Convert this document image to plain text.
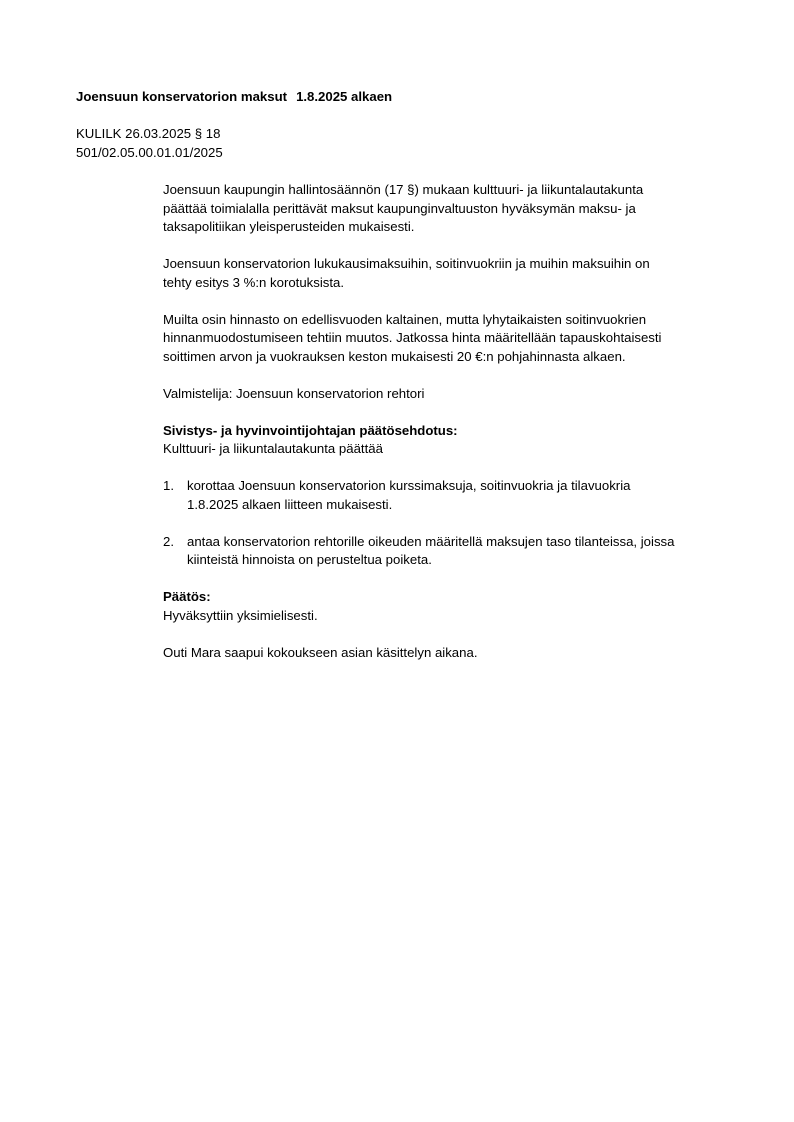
Joensuun konservatorion maksut 1.8.2025 alkaen
KULILK 26.03.2025 § 18
501/02.05.00.01.01/2025
Joensuun kaupungin hallintosäännön (17 §) mukaan kulttuuri- ja liikuntalautakunta
päättää toimialalla perittävät maksut kaupunginvaltuuston hyväksymän maksu- ja
taksapolitiikan yleisperusteiden mukaisesti.
Joensuun konservatorion lukukausimaksuihin, soitinvuokriin ja muihin maksuihin on
tehty esitys 3 %:n korotuksista.
Muilta osin hinnasto on edellisvuoden kaltainen, mutta lyhytaikaisten soitinvuokrien
hinnanmuodostumiseen tehtiin muutos. Jatkossa hinta määritellään tapauskohtaisesti
soittimen arvon ja vuokrauksen keston mukaisesti 20 €:n pohjahinnasta alkaen.
Valmistelija: Joensuun konservatorion rehtori
Sivistys- ja hyvinvointijohtajan päätösehdotus:
Kulttuuri- ja liikuntalautakunta päättää
1. korottaa Joensuun konservatorion kurssimaksuja, soitinvuokria ja tilavuokria
1.8.2025 alkaen liitteen mukaisesti.
2. antaa konservatorion rehtorille oikeuden määritellä maksujen taso tilanteissa, joissa
kiinteistä hinnoista on perusteltua poiketa.
Päätös:
Hyväksyttiin yksimielisesti.
Outi Mara saapui kokoukseen asian käsittelyn aikana.
